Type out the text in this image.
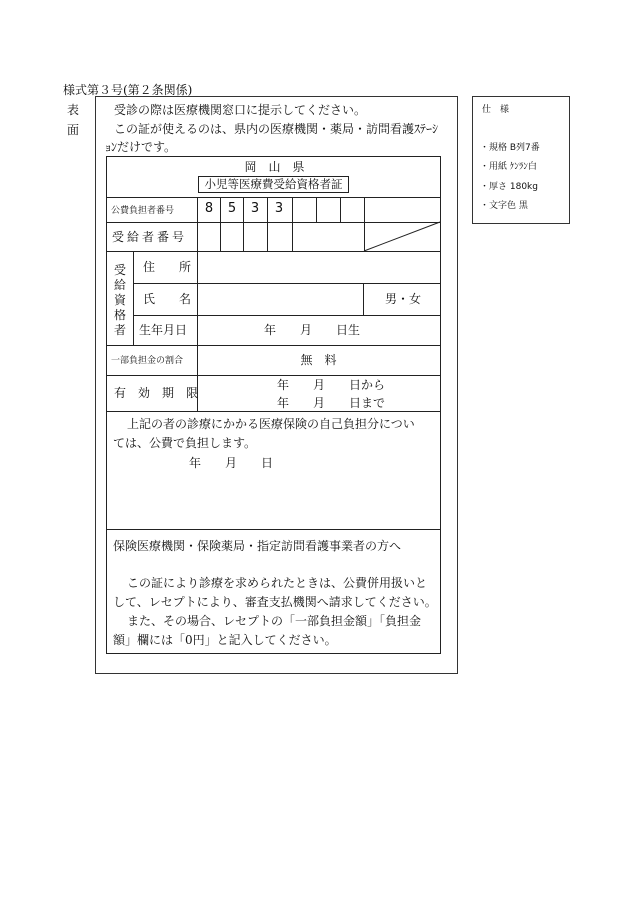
様式第３号(第２条関係)
表
面
受診の際は医療機関窓口に提示してください。
この証が使えるのは、県内の医療機関・薬局・訪問看護ｽﾃｰｼ
ｮﾝだけです。
岡　山　県
小児等医療費受給資格者証
公費負担者番号	8	5	3	3
受給者番号
受給資格者
住　　所
氏　　名	男・女
生年月日	年　　月　　日生
一部負担金の割合	無　料
有　効　期　限
年　　月　　日から
年　　月　　日まで
上記の者の診療にかかる医療保険の自己負担分につい
ては、公費で負担します。
年　　月　　日
保険医療機関・保険薬局・指定訪問看護事業者の方へ
この証により診療を求められたときは、公費併用扱いと
して、レセプトにより、審査支払機関へ請求してください。
また、その場合、レセプトの「一部負担金額」「負担金
額」欄には「0円」と記入してください。
仕　様
・規格 B列7番
・用紙 ｹﾝﾗﾝ白
・厚さ 180kg
・文字色 黒
